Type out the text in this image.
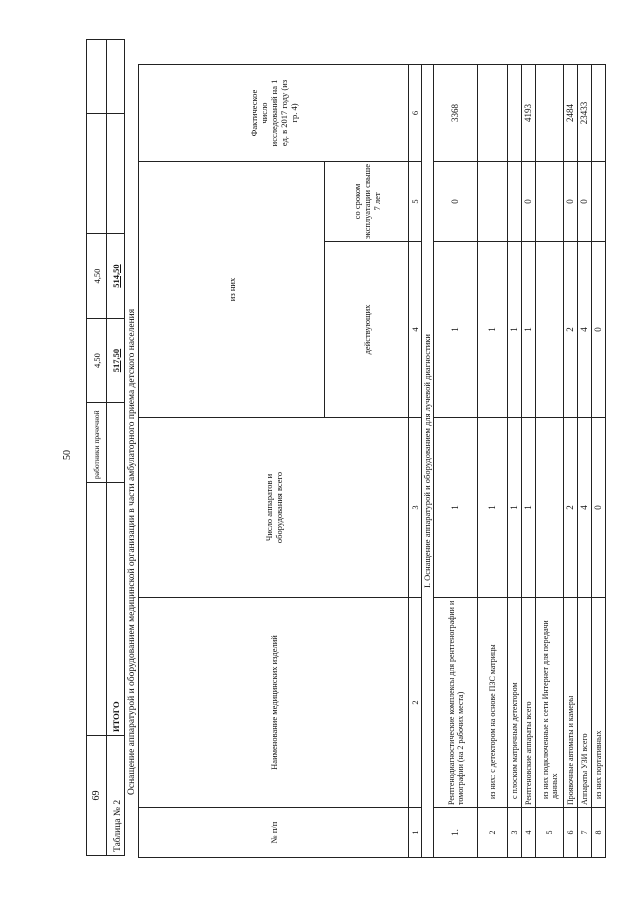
50
69		работники прачечной	4,50	4,50		
	ИТОГО		517,50	514,50		
Таблица № 2
Оснащение аппаратурой и оборудованием медицинской организации в части амбулаторного приема детского населения
№ п/п	Наименование медицинских изделий	Число аппаратов и оборудования всего	из них		Фактическое число исследований на 1 ед. в 2017 году (из гр. 4)
			действующих	со сроком эксплуатации свыше 7 лет	
1	2	3	4	5	6
I. Оснащение аппаратурой и оборудованием для лучевой диагностики					
1.	Рентгенодиагностические комплексы для рентгенографии и томографии (на 2 рабочих места)	1	1	0	3368
2	из них: с детектором на основе ПЗС матрицы	1	1		
3	с плоским матричным детектором	1	1		
4	Рентгеновские аппараты всего	1	1	0	4193
5	из них подключенные к сети Интернет для передачи данных				
6	Проявочные автоматы и камеры	2	2	0	2484
7	Аппараты УЗИ всего	4	4	0	23433
8	из них портативных	0	0		
